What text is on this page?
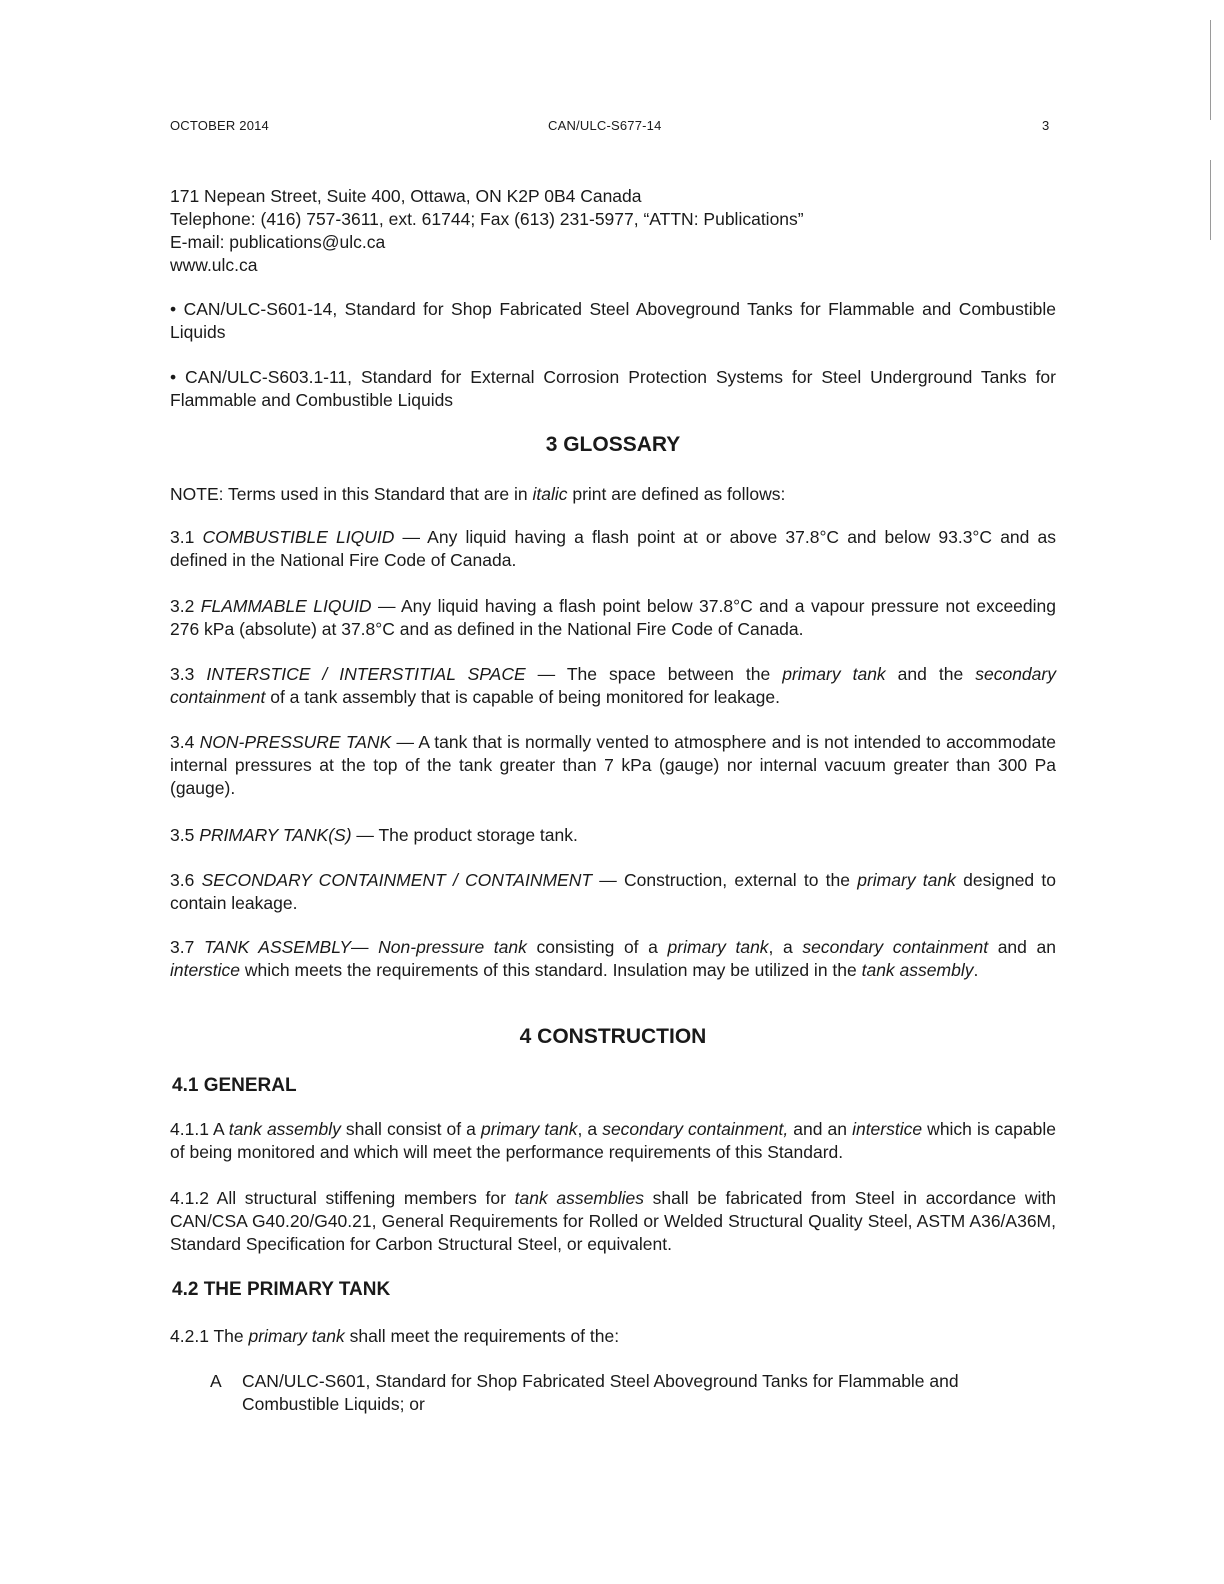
OCTOBER 2014	CAN/ULC-S677-14	3
171 Nepean Street, Suite 400, Ottawa, ON K2P 0B4 Canada
Telephone: (416) 757-3611, ext. 61744; Fax (613) 231-5977, “ATTN: Publications”
E-mail: publications@ulc.ca
www.ulc.ca
• CAN/ULC-S601-14, Standard for Shop Fabricated Steel Aboveground Tanks for Flammable and Combustible Liquids
• CAN/ULC-S603.1-11, Standard for External Corrosion Protection Systems for Steel Underground Tanks for Flammable and Combustible Liquids
3 GLOSSARY
NOTE: Terms used in this Standard that are in italic print are defined as follows:
3.1 COMBUSTIBLE LIQUID — Any liquid having a flash point at or above 37.8°C and below 93.3°C and as defined in the National Fire Code of Canada.
3.2 FLAMMABLE LIQUID — Any liquid having a flash point below 37.8°C and a vapour pressure not exceeding 276 kPa (absolute) at 37.8°C and as defined in the National Fire Code of Canada.
3.3 INTERSTICE / INTERSTITIAL SPACE — The space between the primary tank and the secondary containment of a tank assembly that is capable of being monitored for leakage.
3.4 NON-PRESSURE TANK — A tank that is normally vented to atmosphere and is not intended to accommodate internal pressures at the top of the tank greater than 7 kPa (gauge) nor internal vacuum greater than 300 Pa (gauge).
3.5 PRIMARY TANK(S) — The product storage tank.
3.6 SECONDARY CONTAINMENT / CONTAINMENT — Construction, external to the primary tank designed to contain leakage.
3.7 TANK ASSEMBLY— Non-pressure tank consisting of a primary tank, a secondary containment and an interstice which meets the requirements of this standard. Insulation may be utilized in the tank assembly.
4 CONSTRUCTION
4.1 GENERAL
4.1.1 A tank assembly shall consist of a primary tank, a secondary containment, and an interstice which is capable of being monitored and which will meet the performance requirements of this Standard.
4.1.2 All structural stiffening members for tank assemblies shall be fabricated from Steel in accordance with CAN/CSA G40.20/G40.21, General Requirements for Rolled or Welded Structural Quality Steel, ASTM A36/A36M, Standard Specification for Carbon Structural Steel, or equivalent.
4.2 THE PRIMARY TANK
4.2.1 The primary tank shall meet the requirements of the:
A CAN/ULC-S601, Standard for Shop Fabricated Steel Aboveground Tanks for Flammable and Combustible Liquids; or
